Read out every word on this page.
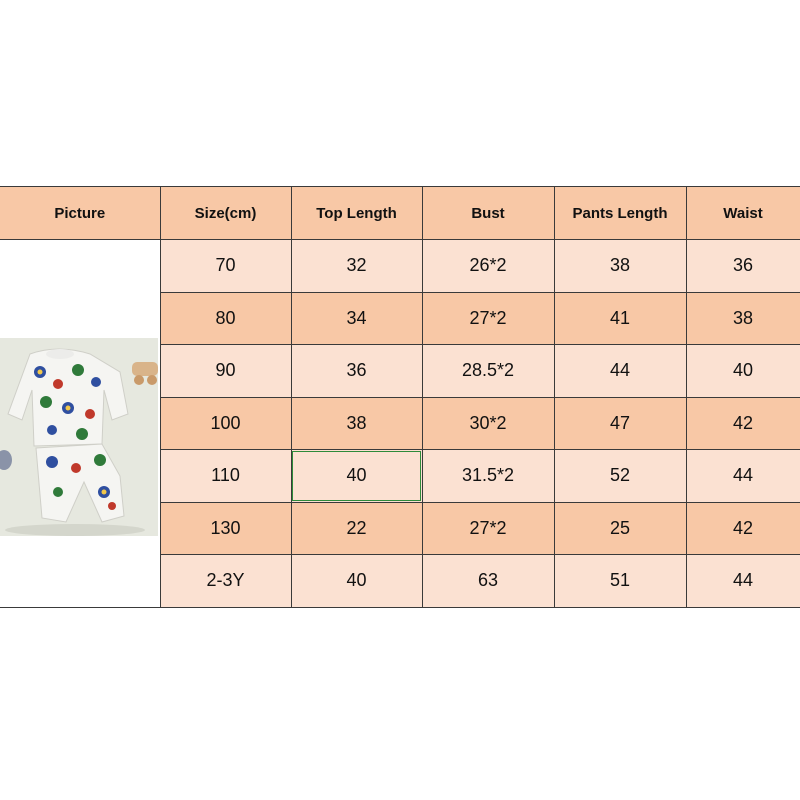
Picture	Size(cm)	Top Length	Bust	Pants Length	Waist

	70	32	26*2	38	36
	80	34	27*2	41	38
	90	36	28.5*2	44	40
	100	38	30*2	47	42
	110	40	31.5*2	52	44
	130	22	27*2	25	42
	2-3Y	40	63	51	44
